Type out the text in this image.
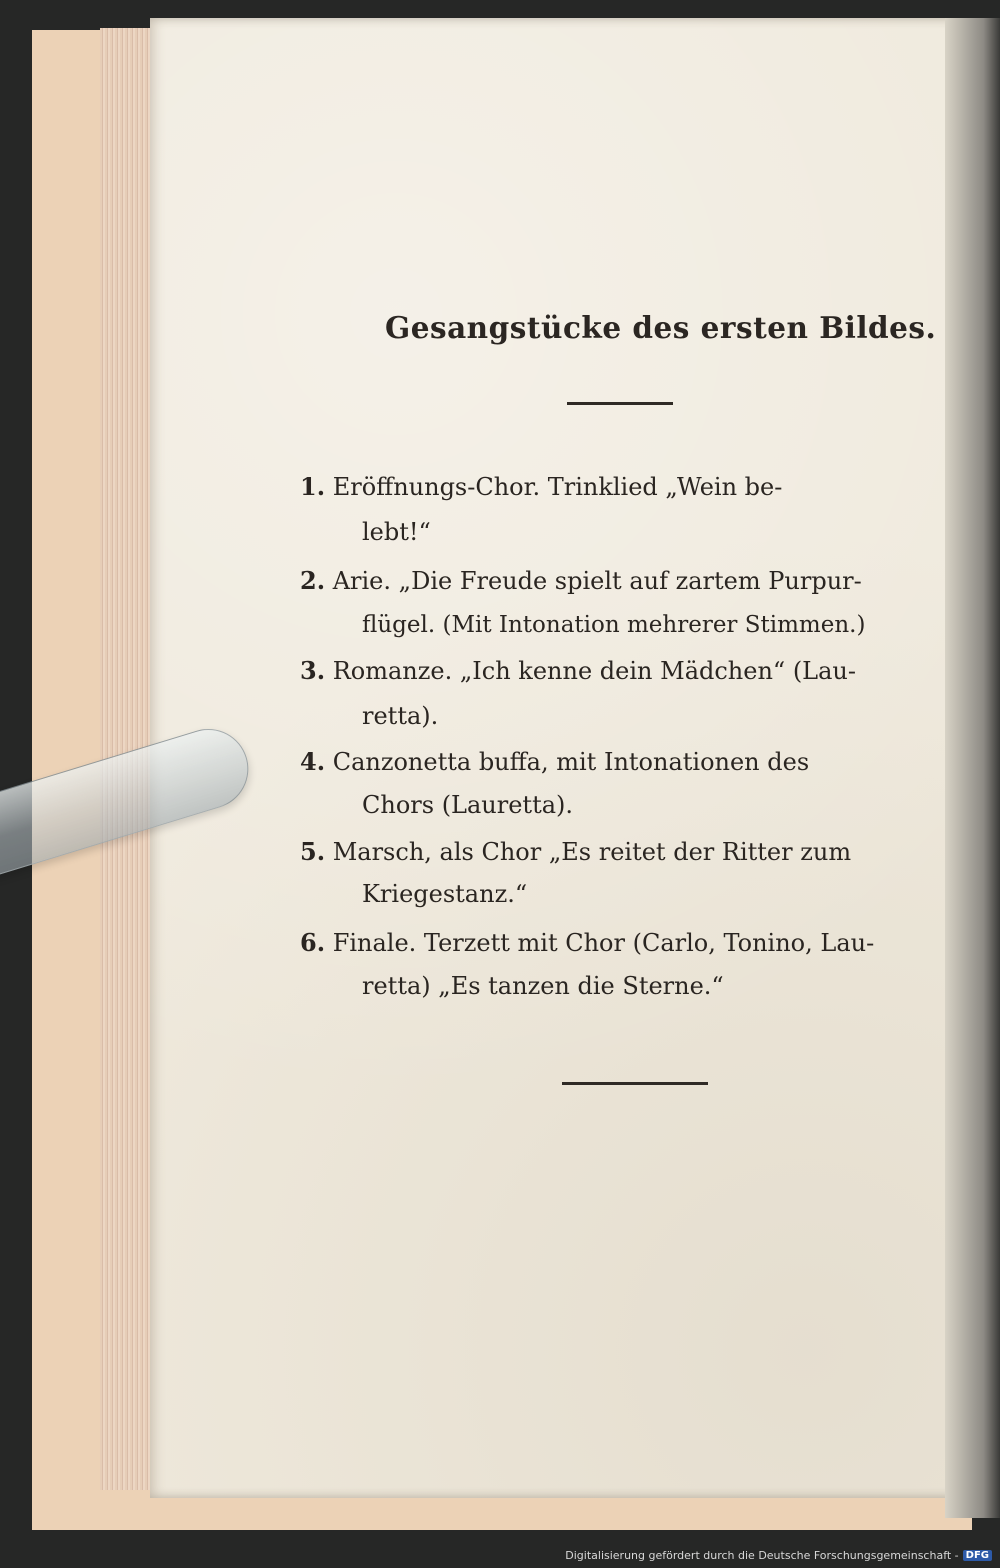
Gesangstücke des ersten Bildes.
1. Eröffnungs-Chor. Trinklied „Wein be-
lebt!“
2. Arie. „Die Freude spielt auf zartem Purpur-
flügel. (Mit Intonation mehrerer Stimmen.)
3. Romanze. „Ich kenne dein Mädchen“ (Lau-
retta).
4. Canzonetta buffa, mit Intonationen des
Chors (Lauretta).
5. Marsch, als Chor „Es reitet der Ritter zum
Kriegestanz.“
6. Finale. Terzett mit Chor (Carlo, Tonino, Lau-
retta) „Es tanzen die Sterne.“
Digitalisierung gefördert durch die Deutsche Forschungsgemeinschaft - DFG
